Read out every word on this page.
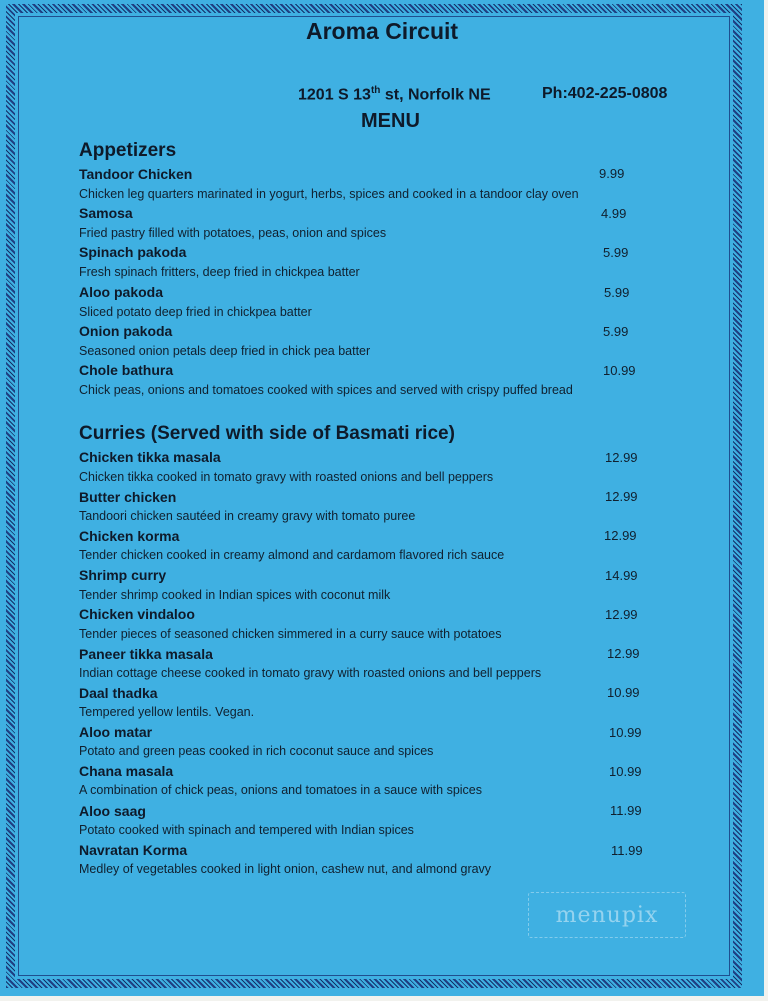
Aroma Circuit
1201 S 13th st, Norfolk NE	Ph:402-225-0808
MENU
Appetizers
Tandoor Chicken	9.99
Chicken leg quarters marinated in yogurt, herbs, spices and cooked in a tandoor clay oven
Samosa	4.99
Fried pastry filled with potatoes, peas, onion and spices
Spinach pakoda	5.99
Fresh spinach fritters, deep fried in chickpea batter
Aloo pakoda	5.99
Sliced potato deep fried in chickpea batter
Onion pakoda	5.99
Seasoned onion petals deep fried in chick pea batter
Chole bathura	10.99
Chick peas, onions and tomatoes cooked with spices and served with crispy puffed bread
Curries (Served with side of Basmati rice)
Chicken tikka masala	12.99
Chicken tikka cooked in tomato gravy with roasted onions and bell peppers
Butter chicken	12.99
Tandoori chicken sautéed in creamy gravy with tomato puree
Chicken korma	12.99
Tender chicken cooked in creamy almond and cardamom flavored rich sauce
Shrimp curry	14.99
Tender shrimp cooked in Indian spices with coconut milk
Chicken vindaloo	12.99
Tender pieces of seasoned chicken simmered in a curry sauce with potatoes
Paneer tikka masala	12.99
Indian cottage cheese cooked in tomato gravy with roasted onions and bell peppers
Daal thadka	10.99
Tempered yellow lentils. Vegan.
Aloo matar	10.99
Potato and green peas cooked in rich coconut sauce and spices
Chana masala	10.99
A combination of chick peas, onions and tomatoes in a sauce with spices
Aloo saag	11.99
Potato cooked with spinach and tempered with Indian spices
Navratan Korma	11.99
Medley of vegetables cooked in light onion, cashew nut, and almond gravy
menupix
